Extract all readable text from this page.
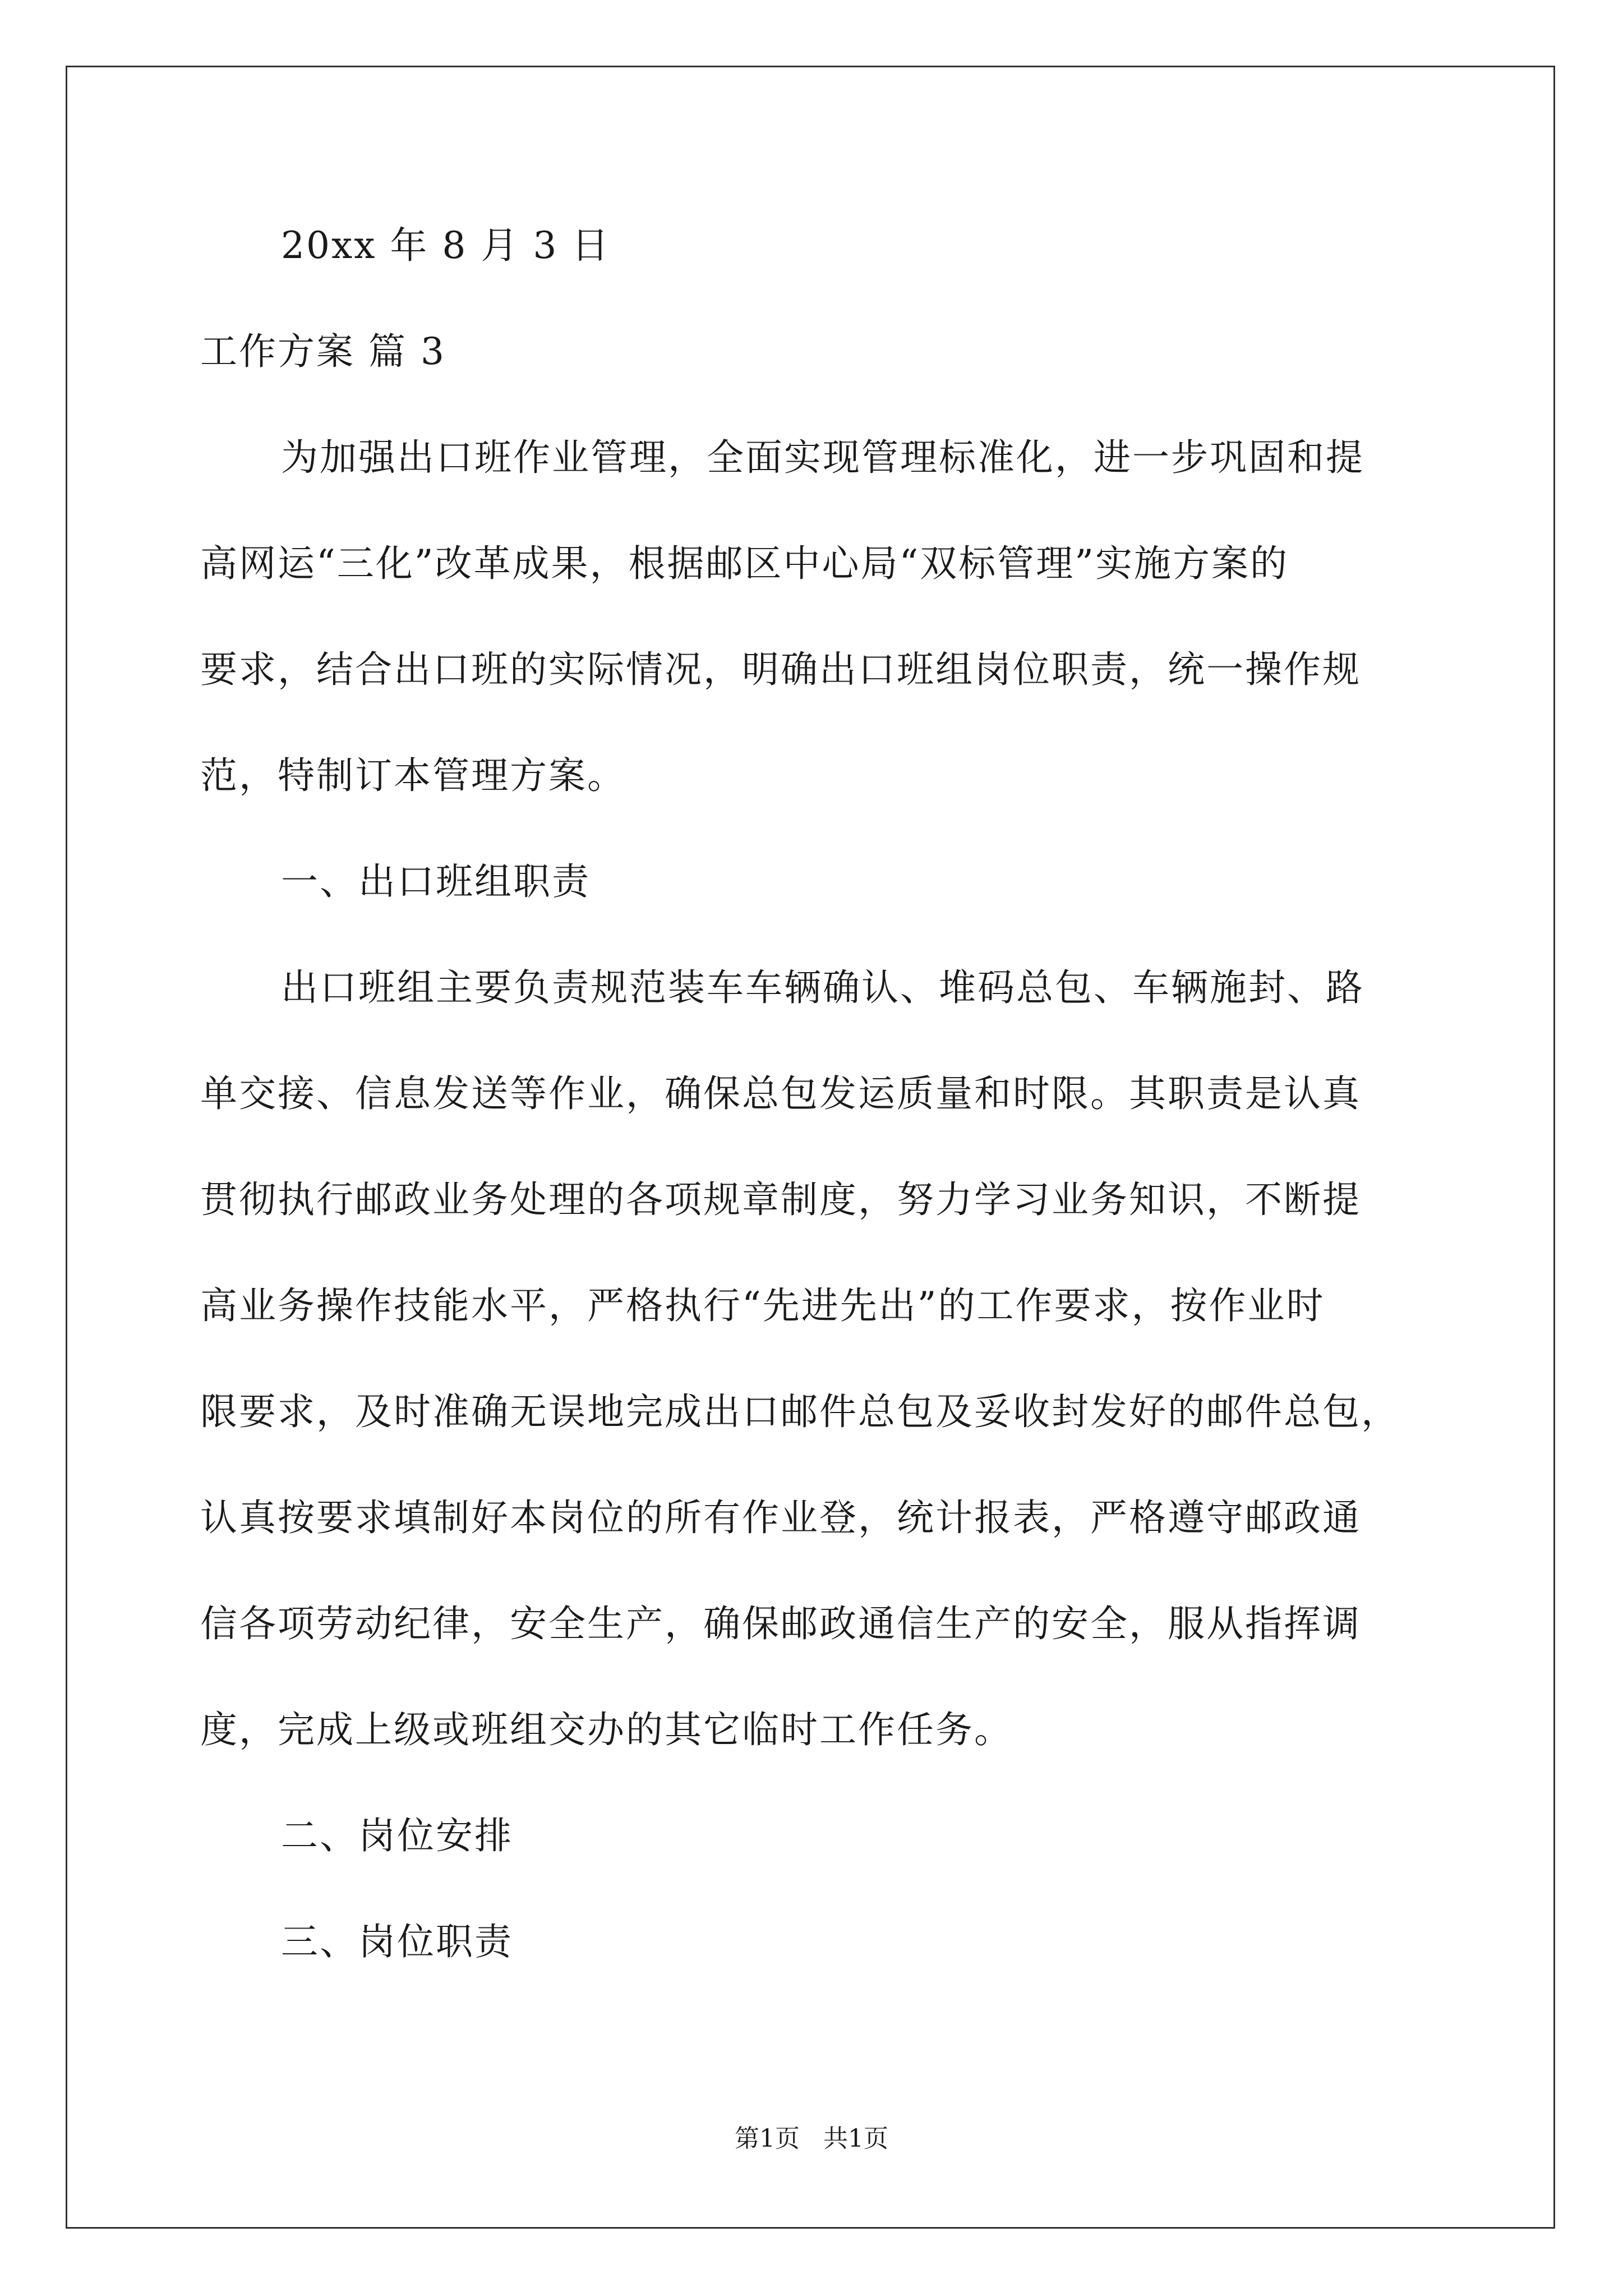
20xx 年 8 月 3 日
工作方案 篇 3
为加强出口班作业管理，全面实现管理标准化，进一步巩固和提
高网运“三化”改革成果，根据邮区中心局“双标管理”实施方案的
要求，结合出口班的实际情况，明确出口班组岗位职责，统一操作规
范，特制订本管理方案。
一、出口班组职责
出口班组主要负责规范装车车辆确认、堆码总包、车辆施封、路
单交接、信息发送等作业，确保总包发运质量和时限。其职责是认真
贯彻执行邮政业务处理的各项规章制度，努力学习业务知识，不断提
高业务操作技能水平，严格执行“先进先出”的工作要求，按作业时
限要求，及时准确无误地完成出口邮件总包及妥收封发好的邮件总包，
认真按要求填制好本岗位的所有作业登，统计报表，严格遵守邮政通
信各项劳动纪律，安全生产，确保邮政通信生产的安全，服从指挥调
度，完成上级或班组交办的其它临时工作任务。
二、岗位安排
三、岗位职责
第1页   共1页
